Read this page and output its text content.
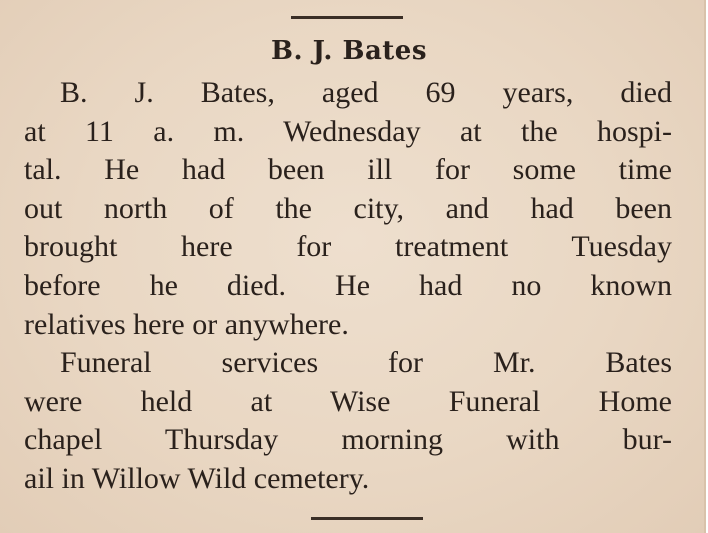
B. J. Bates
B. J. Bates, aged 69 years, died
at 11 a. m. Wednesday at the hospi-
tal. He had been ill for some time
out north of the city, and had been
brought here for treatment Tuesday
before he died. He had no known
relatives here or anywhere.
Funeral services for Mr. Bates
were held at Wise Funeral Home
chapel Thursday morning with bur-
ail in Willow Wild cemetery.
